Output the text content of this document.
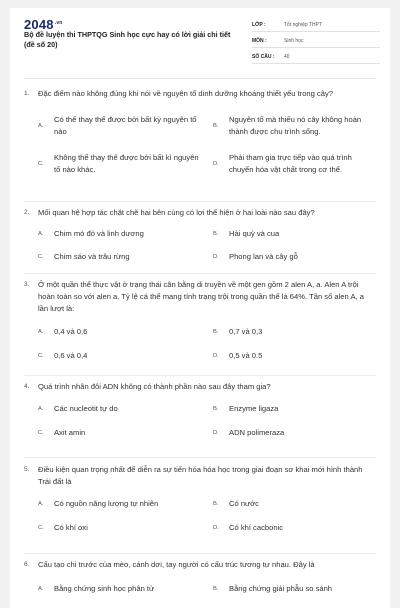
$2048^{.vn}$
Bộ đề luyện thi THPTQG Sinh học cực hay có lời giải chi tiết (đề số 20)
LỚP :	Tốt nghiệp THPT
MÔN :	Sinh học
SỐ CÂU :	40
1.	Đặc điểm nào không đúng khi nói về nguyên tố dinh dưỡng khoáng thiết yếu trong cây?
A.
Có thể thay thế được bởi bất kỳ nguyên tố nào
B.
Nguyên tố mà thiếu nó cây không hoàn thành được chu trình sống.
C.
Không thể thay thế được bởi bất kì nguyên tố nào khác.
D.
Phải tham gia trực tiếp vào quá trình chuyển hóa vật chất trong cơ thể.
2.	Mối quan hệ hợp tác chặt chẽ hai bên cùng có lợi thể hiện ở hai loài nào sau đây?
A.	Chim mỏ đỏ và linh dương	B.	Hải quỳ và cua
C.	Chim sáo và trâu rừng	D.	Phong lan và cây gỗ
3.	Ở một quần thể thực vật ở trạng thái cân bằng di truyền về một gen gồm 2 alen A, a. Alen A trội hoàn toàn so với alen a. Tỷ lệ cá thể mang tính trạng trội trong quần thể là 64%. Tần số alen A, a lần lượt là:
A.	0,4 và 0,6	B.	0,7 và 0,3
C.	0,6 và 0,4	D.	0,5 và 0.5
4.	Quá trình nhân đôi ADN không có thành phần nào sau đây tham gia?
A.	Các nucleotit tự do	B.	Enzyme ligaza
C.	Axit amin	D.	ADN polimeraza
5.	Điều kiện quan trọng nhất để diễn ra sự tiến hóa hóa học trong giai đoạn sơ khai mới hình thành Trái đất là
A.	Có nguồn năng lượng tự nhiên	B.	Có nước
C.	Có khí oxi	D.	Có khí cacbonic
6.	Cấu tạo chi trước của mèo, cánh dơi, tay người có cấu trúc tương tự nhau. Đây là
A.	Bằng chứng sinh học phân tử	B.	Bằng chứng giải phẫu so sánh
